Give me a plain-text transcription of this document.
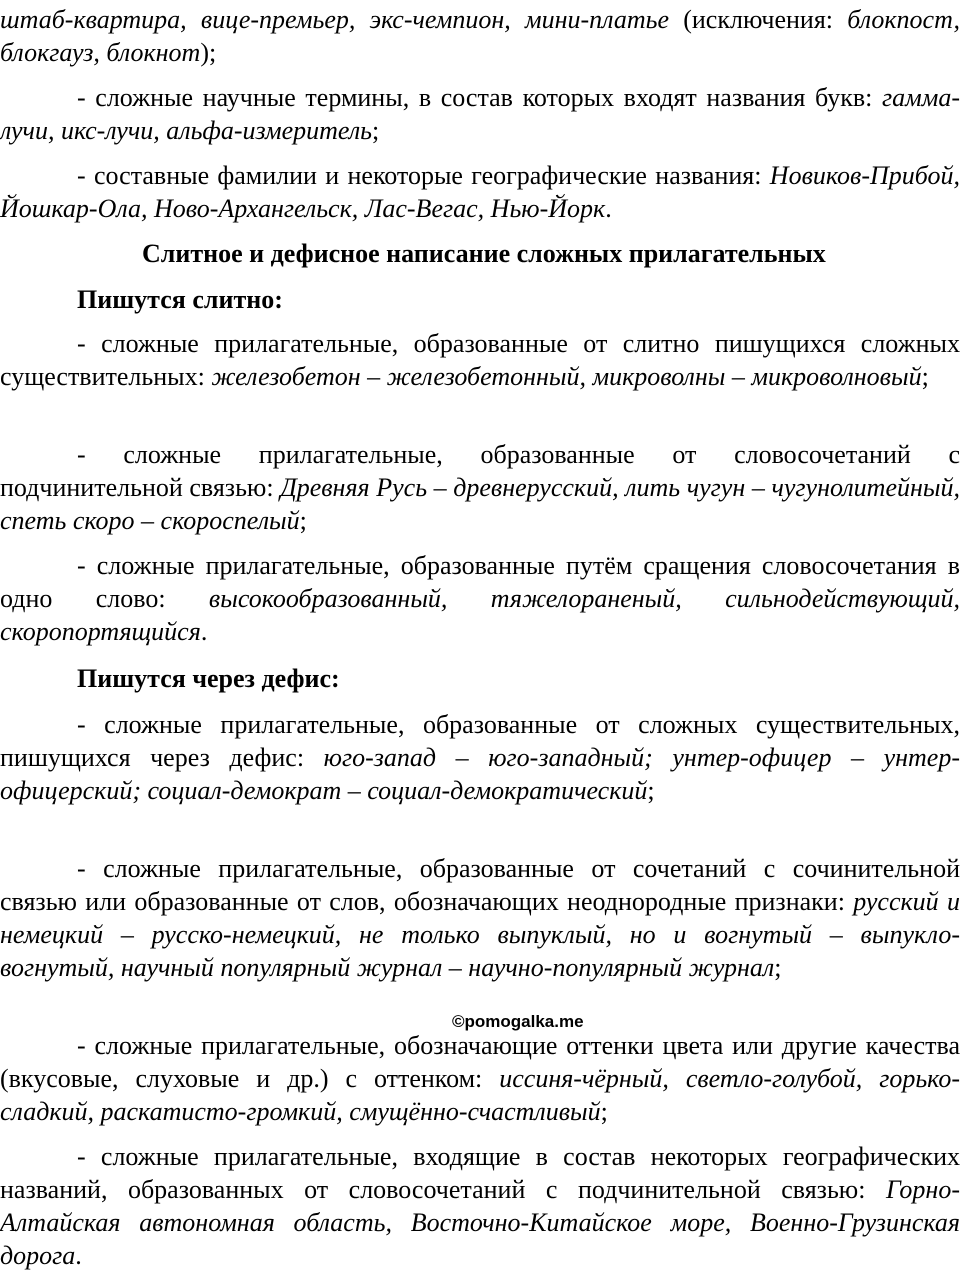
штаб-квартира, вице-премьер, экс-чемпион, мини-платье (исключения: блокпост, блокгауз, блокнот);

- сложные научные термины, в состав которых входят названия букв: гамма-лучи, икс-лучи, альфа-измеритель;

- составные фамилии и некоторые географические названия: Новиков-Прибой, Йошкар-Ола, Ново-Архангельск, Лас-Вегас, Нью-Йорк.

Слитное и дефисное написание сложных прилагательных

Пишутся слитно:

- сложные прилагательные, образованные от слитно пишущихся сложных существительных: железобетон – железобетонный, микроволны – микроволновый;

- сложные прилагательные, образованные от словосочетаний с подчинительной связью: Древняя Русь – древнерусский, лить чугун – чугунолитейный, спеть скоро – скороспелый;

- сложные прилагательные, образованные путём сращения словосочетания в одно слово: высокообразованный, тяжелораненый, сильнодействующий, скоропортящийся.

Пишутся через дефис:

- сложные прилагательные, образованные от сложных существительных, пишущихся через дефис: юго-запад – юго-западный; унтер-офицер – унтер-офицерский; социал-демократ – социал-демократический;

- сложные прилагательные, образованные от сочетаний с сочинительной связью или образованные от слов, обозначающих неоднородные признаки: русский и немецкий – русско-немецкий, не только выпуклый, но и вогнутый – выпукло-вогнутый, научный популярный журнал – научно-популярный журнал;

©pomogalka.me

- сложные прилагательные, обозначающие оттенки цвета или другие качества (вкусовые, слуховые и др.) с оттенком: иссиня-чёрный, светло-голубой, горько-сладкий, раскатисто-громкий, смущённо-счастливый;

- сложные прилагательные, входящие в состав некоторых географических названий, образованных от словосочетаний с подчинительной связью: Горно-Алтайская автономная область, Восточно-Китайское море, Военно-Грузинская дорога.
